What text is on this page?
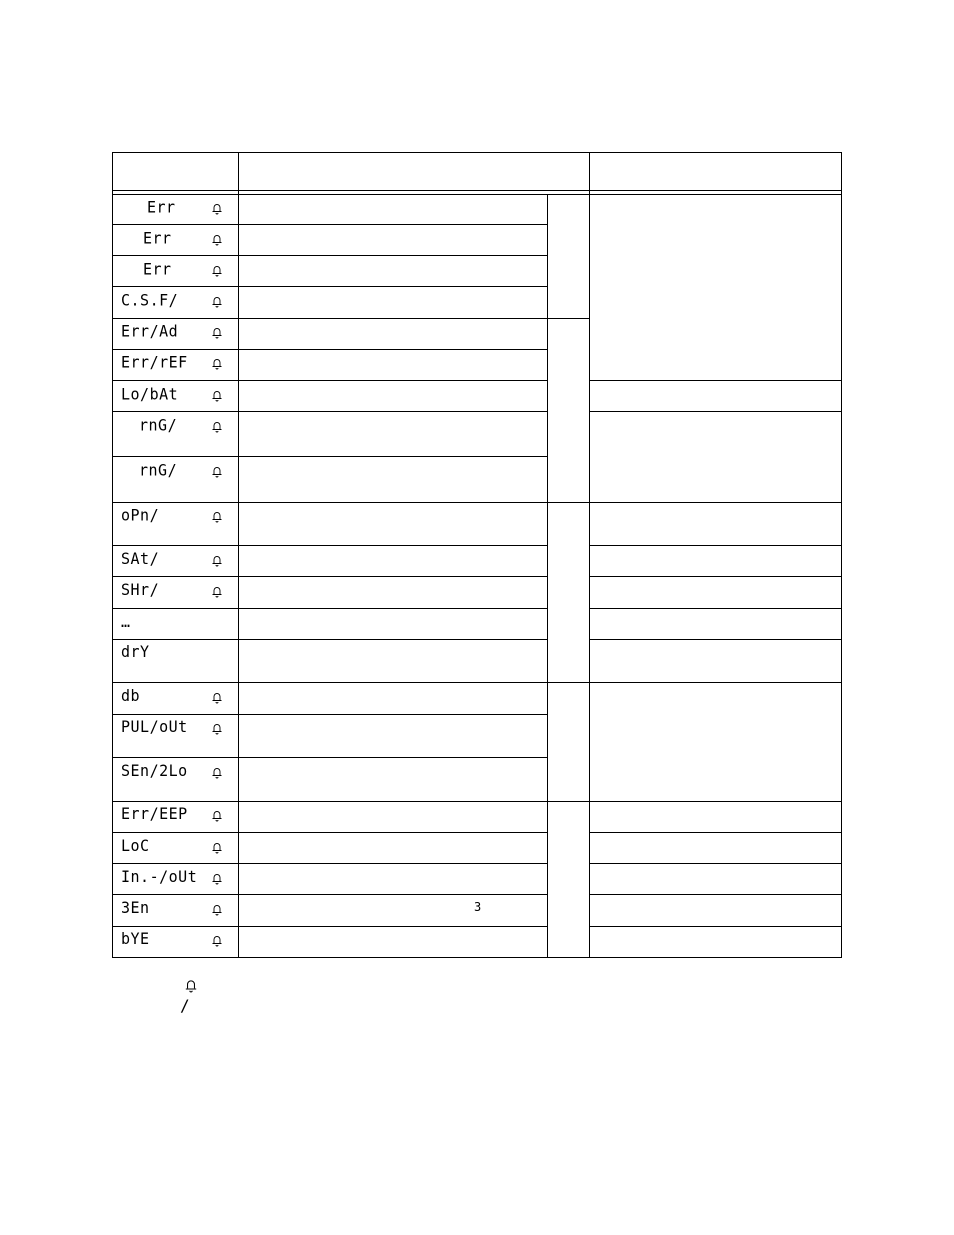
Err
Err
Err
C.S.F/
Err/Ad
Err/rEF
Lo/bAt
rnG/
rnG/
oPn/
SAt/
SHr/
…
drY
db
PUL/oUt
SEn/2Lo
Err/EEP
LoC
In.-/oUt
3En
bYE
3
/
